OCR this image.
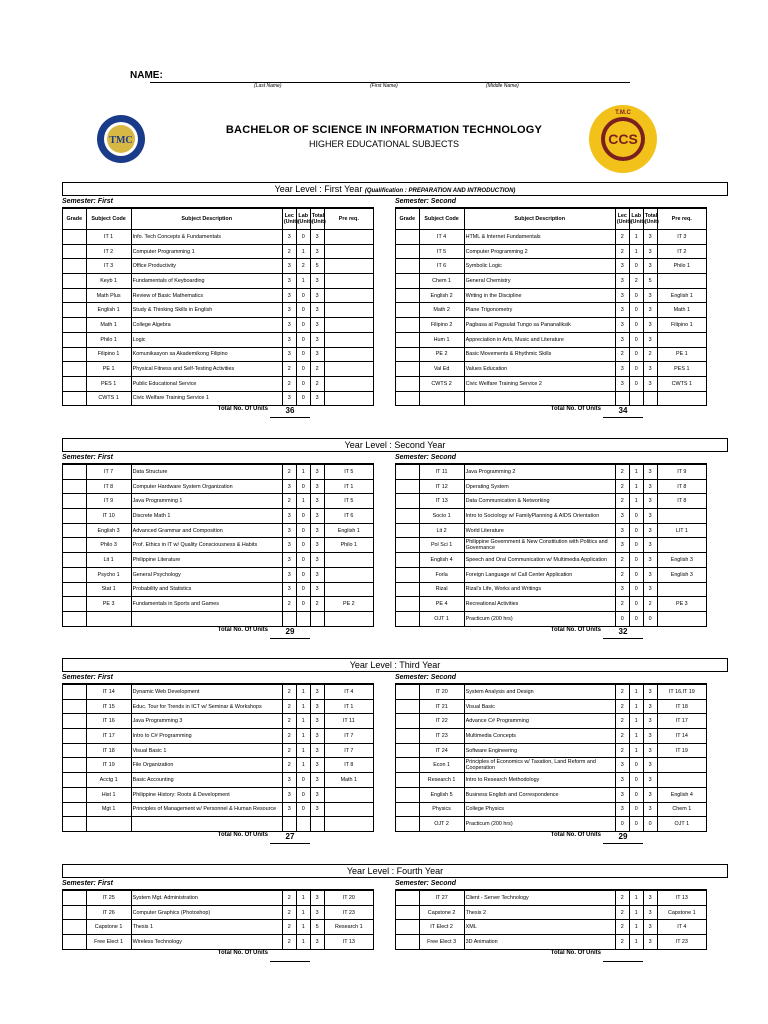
NAME:
(Last Name)	(First Name)	(Middle Name)
TMC
BACHELOR OF SCIENCE IN INFORMATION TECHNOLOGY
HIGHER EDUCATIONAL SUBJECTS	CCS
T.M.C
Year Level : First Year (Qualification : PREPARATION AND INTRODUCTION)
Semester: First
Grade	Subject Code	Subject Description	Lec (Unit)	Lab (Unit)	Total (Unit)	Pre req.
	IT 1	Info. Tech Concepts & Fundamentals	3	0	3	
	IT 2	Computer Programming 1	2	1	3	
	IT 3	Office Productivity	3	2	5	
	Keyb 1	Fundamentals of Keyboarding	3	1	3	
	Math Plus	Review of Basic Mathematics	3	0	3	
	English 1	Study & Thinking Skills in English	3	0	3	
	Math 1	College Algebra	3	0	3	
	Philo 1	Logic	3	0	3	
	Filipino 1	Komunikasyon sa Akademikong Filipino	3	0	3	
	PE 1	Physical Fitness and Self-Testing Activities	2	0	2	
	PES 1	Public Educational Service	2	0	2	
	CWTS 1	Civic Welfare Training Service 1	3	0	3	
Total No. Of Units	36
Semester: Second
Grade	Subject Code	Subject Description	Lec (Unit)	Lab (Unit)	Total (Unit)	Pre req.
	IT 4	HTML & Internet Fundamentals	2	1	3	IT 3
	IT 5	Computer Programming 2	2	1	3	IT 2
	IT 6	Symbolic Logic	3	0	3	Philo 1
	Chem 1	General Chemistry	3	2	5	
	English 2	Writing in the Discipline	3	0	3	English 1
	Math 2	Plane Trigonometry	3	0	3	Math 1
	Filipino 2	Pagbasa at Pagsulat Tungo sa Pananaliksik	3	0	3	Filipino 1
	Hum 1	Appreciation in Arts, Music and Literature	3	0	3	
	PE 2	Basic Movements & Rhythmic Skills	2	0	2	PE 1
	Val Ed	Values Education	3	0	3	PES 1
	CWTS 2	Civic Welfare Training Service 2	3	0	3	CWTS 1

Total No. Of Units	34
Year Level : Second Year
Semester: First
	IT 7	Data Structure	2	1	3	IT 5
	IT 8	Computer Hardware System Organization	3	0	3	IT 1
	IT 9	Java Programming 1	2	1	3	IT 5
	IT 10	Discrete Math 1	3	0	3	IT 6
	English 3	Advanced Grammar and Composition	3	0	3	English 1
	Philo 3	Prof. Ethics in IT w/ Quality Consciousness & Habits	3	0	3	Philo 1
	Lit 1	Philippine Literature	3	0	3	
	Psycho 1	General Psychology	3	0	3	
	Stat 1	Probability and Statistics	3	0	3	
	PE 3	Fundamentals in Sports and Games	2	0	2	PE 2

Total No. Of Units	29
Semester: Second
	IT 11	Java Programming 2	2	1	3	IT 9
	IT 12	Operating System	2	1	3	IT 8
	IT 13	Data Communication & Networking	2	1	3	IT 8
	Socio 1	Intro to Sociology w/ FamilyPlanning & AIDS Orientation	3	0	3	
	Lit 2	World Literature	3	0	3	LIT 1
	Pol Sci 1	Philippine Government & New Constitution with Politics and Governance	3	0	3	
	English 4	Speech and Oral Communication w/ Multimedia Application	2	0	3	English 3
	Forla	Foreign Language w/ Call Center Application	2	0	3	English 3
	Rizal	Rizal's Life, Works and Writings	3	0	3	
	PE 4	Recreational Activities	2	0	2	PE 3
	OJT 1	Practicum (200 hrs)	0	0	0	
Total No. Of Units	32
Year Level : Third Year
Semester: First
	IT 14	Dynamic Web Development	2	1	3	IT 4
	IT 15	Educ. Tour for Trends in ICT w/ Seminar & Workshops	2	1	3	IT 1
	IT 16	Java Programming 3	2	1	3	IT 11
	IT 17	Intro to C# Programming	2	1	3	IT 7
	IT 18	Visual Basic 1	2	1	3	IT 7
	IT 19	File Organization	2	1	3	IT 8
	Acctg 1	Basic Accounting	3	0	3	Math 1
	Hist 1	Philippine History: Roots & Development	3	0	3	
	Mgt 1	Principles of Management w/ Personnel & Human Resource	3	0	3	

Total No. Of Units	27
Semester: Second
	IT 20	System Analysis and Design	2	1	3	IT 16,IT 19
	IT 21	Visual Basic	2	1	3	IT 18
	IT 22	Advance C# Programming	2	1	3	IT 17
	IT 23	Multimedia Concepts	2	1	3	IT 14
	IT 24	Software Engineering	2	1	3	IT 19
	Econ 1	Principles of Economics w/ Taxation, Land Reform and Cooperation	3	0	3	
	Research 1	Intro to Research Methodology	3	0	3	
	English 5	Business English and Correspondence	3	0	3	English 4
	Physics	College Physics	3	0	3	Chem 1
	OJT 2	Practicum (200 hrs)	0	0	0	OJT 1
Total No. Of Units	29
Year Level : Fourth Year
Semester: First
	IT 25	System Mgt. Administration	2	1	3	IT 20
	IT 26	Computer Graphics (Photoshop)	2	1	3	IT 23
	Capstone 1	Thesis 1	2	1	5	Research 1
	Free Elect 1	Wireless Technology	2	1	3	IT 13
Total No. Of Units
Semester: Second
	IT 27	Client - Server Technology	2	1	3	IT 13
	Capstone 2	Thesis 2	2	1	3	Capstone 1
	IT Elect 2	XML	2	1	3	IT 4
	Free Elect 3	3D Animation	2	1	3	IT 23
Total No. Of Units
